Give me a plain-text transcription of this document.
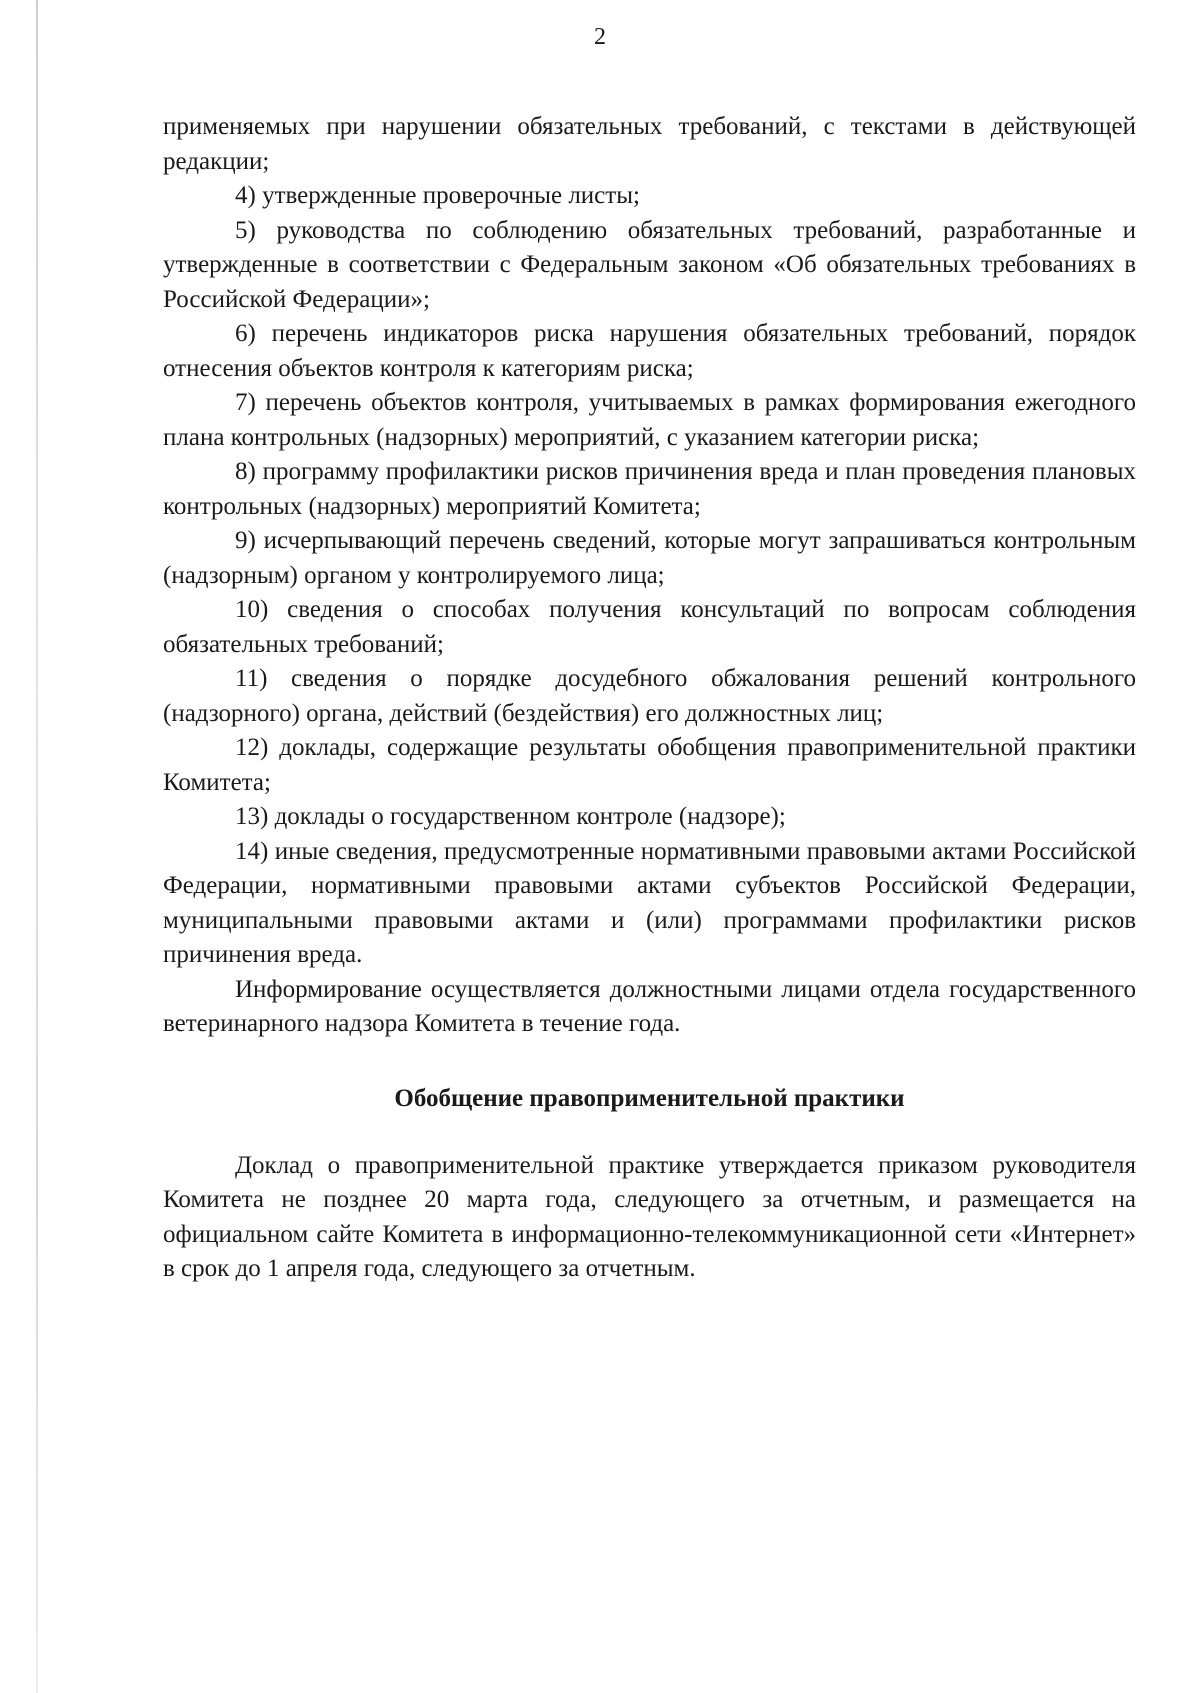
2

применяемых при нарушении обязательных требований, с текстами в действующей редакции;

4) утвержденные проверочные листы;

5) руководства по соблюдению обязательных требований, разработанные и утвержденные в соответствии с Федеральным законом «Об обязательных требованиях в Российской Федерации»;

6) перечень индикаторов риска нарушения обязательных требований, порядок отнесения объектов контроля к категориям риска;

7) перечень объектов контроля, учитываемых в рамках формирования ежегодного плана контрольных (надзорных) мероприятий, с указанием категории риска;

8) программу профилактики рисков причинения вреда и план проведения плановых контрольных (надзорных) мероприятий Комитета;

9) исчерпывающий перечень сведений, которые могут запрашиваться контрольным (надзорным) органом у контролируемого лица;

10) сведения о способах получения консультаций по вопросам соблюдения обязательных требований;

11) сведения о порядке досудебного обжалования решений контрольного (надзорного) органа, действий (бездействия) его должностных лиц;

12) доклады, содержащие результаты обобщения правоприменительной практики Комитета;

13) доклады о государственном контроле (надзоре);

14) иные сведения, предусмотренные нормативными правовыми актами Российской Федерации, нормативными правовыми актами субъектов Российской Федерации, муниципальными правовыми актами и (или) программами профилактики рисков причинения вреда.

Информирование осуществляется должностными лицами отдела государственного ветеринарного надзора Комитета в течение года.

Обобщение правоприменительной практики

Доклад о правоприменительной практике утверждается приказом руководителя Комитета не позднее 20 марта года, следующего за отчетным, и размещается на официальном сайте Комитета в информационно-телекоммуникационной сети «Интернет» в срок до 1 апреля года, следующего за отчетным.
